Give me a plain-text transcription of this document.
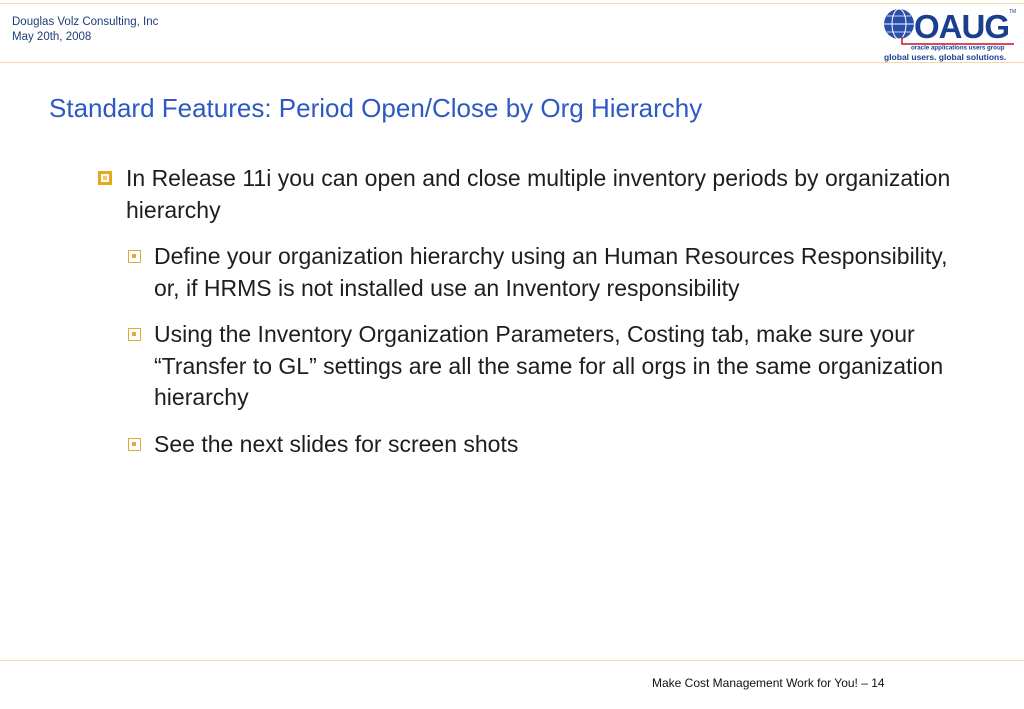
Douglas Volz Consulting, Inc
May 20th, 2008	OAUG TM
oracle applications users group
global users. global solutions.
Standard Features: Period Open/Close by Org Hierarchy
In Release 11i you can open and close multiple inventory periods by organization hierarchy
Define your organization hierarchy using an Human Resources Responsibility, or, if HRMS is not installed use an Inventory responsibility
Using the Inventory Organization Parameters, Costing tab, make sure your “Transfer to GL” settings are all the same for all orgs in the same organization hierarchy
See the next slides for screen shots
Make Cost Management Work for You! – 14
